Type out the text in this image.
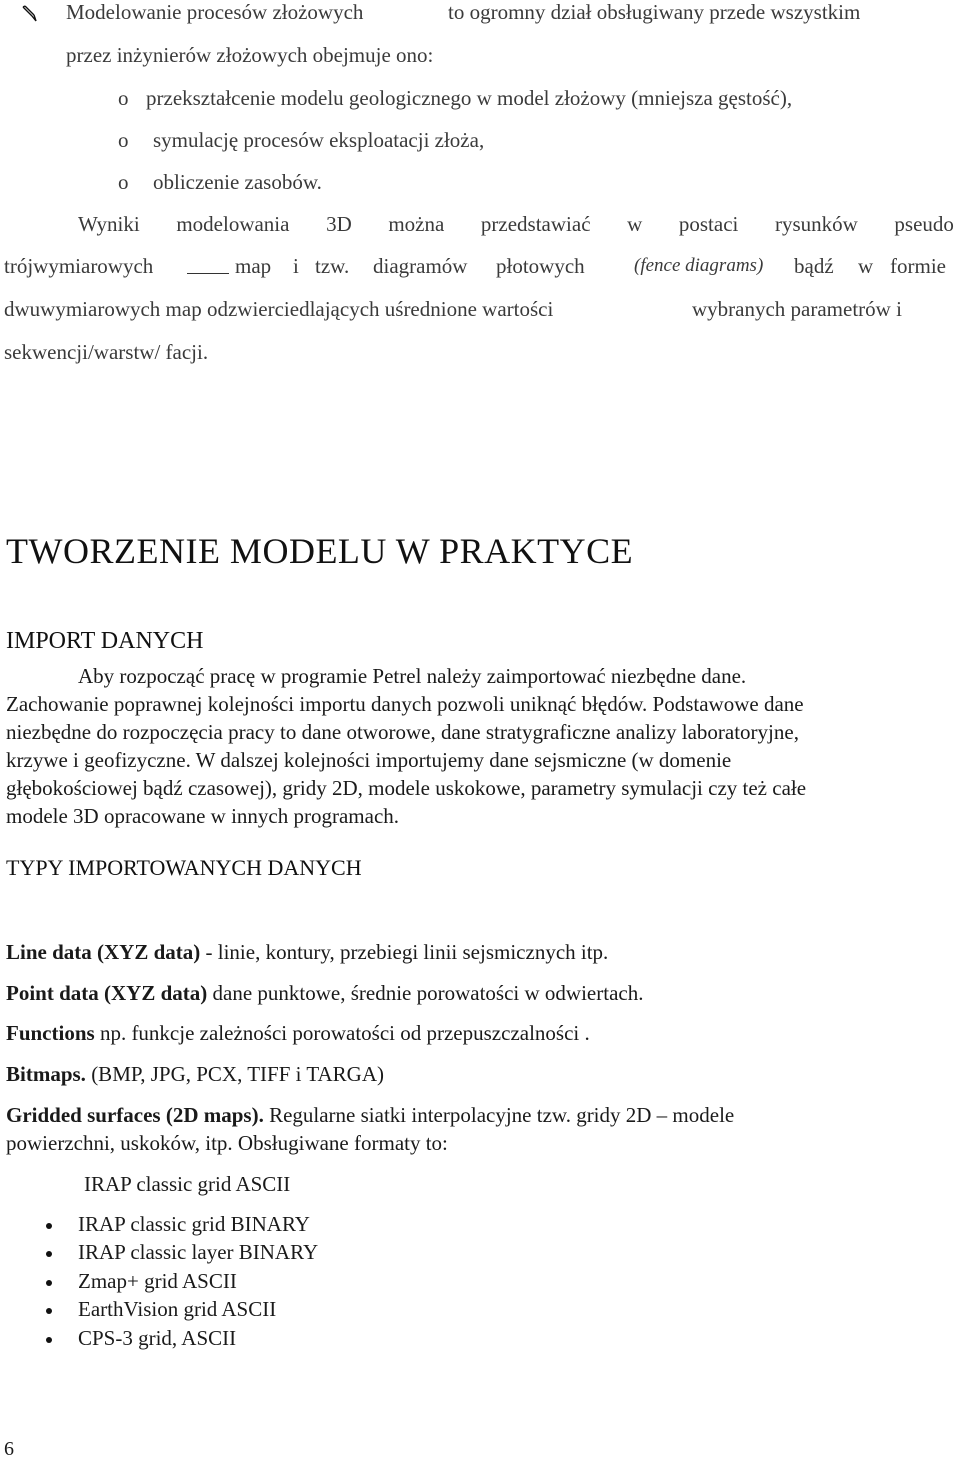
Modelowanie procesów złożowych	to ogromny dział obsługiwany przede wszystkim
przez inżynierów złożowych obejmuje ono:
o przekształcenie modelu geologicznego w model złożowy (mniejsza gęstość),
o symulację procesów eksploatacji złoża,
o obliczenie zasobów.
Wyniki modelowania 3D można przedstawiać w postaci rysunków pseudo
trójwymiarowych	map i tzw. diagramów płotowych	(fence diagrams) bądź w formie
dwuwymiarowych map odzwierciedlających uśrednione wartości	wybranych parametrów i
sekwencji/warstw/ facji.
TWORZENIE MODELU W PRAKTYCE
IMPORT DANYCH
Aby rozpocząć pracę w programie Petrel należy zaimportować niezbędne dane.
Zachowanie poprawnej kolejności importu danych pozwoli uniknąć błędów. Podstawowe dane
niezbędne do rozpoczęcia pracy to dane otworowe, dane stratygraficzne analizy laboratoryjne,
krzywe i geofizyczne. W dalszej kolejności importujemy dane sejsmiczne (w domenie
głębokościowej bądź czasowej), gridy 2D, modele uskokowe, parametry symulacji czy też całe
modele 3D opracowane w innych programach.
TYPY IMPORTOWANYCH DANYCH
Line data (XYZ data) - linie, kontury, przebiegi linii sejsmicznych itp.
Point data (XYZ data) dane punktowe, średnie porowatości w odwiertach.
Functions np. funkcje zależności porowatości od przepuszczalności .
Bitmaps. (BMP, JPG, PCX, TIFF i TARGA)
Gridded surfaces (2D maps). Regularne siatki interpolacyjne tzw. gridy 2D – modele
powierzchni, uskoków, itp. Obsługiwane formaty to:
IRAP classic grid ASCII
IRAP classic grid BINARY
IRAP classic layer BINARY
Zmap+ grid ASCII
EarthVision grid ASCII
CPS-3 grid, ASCII
6
